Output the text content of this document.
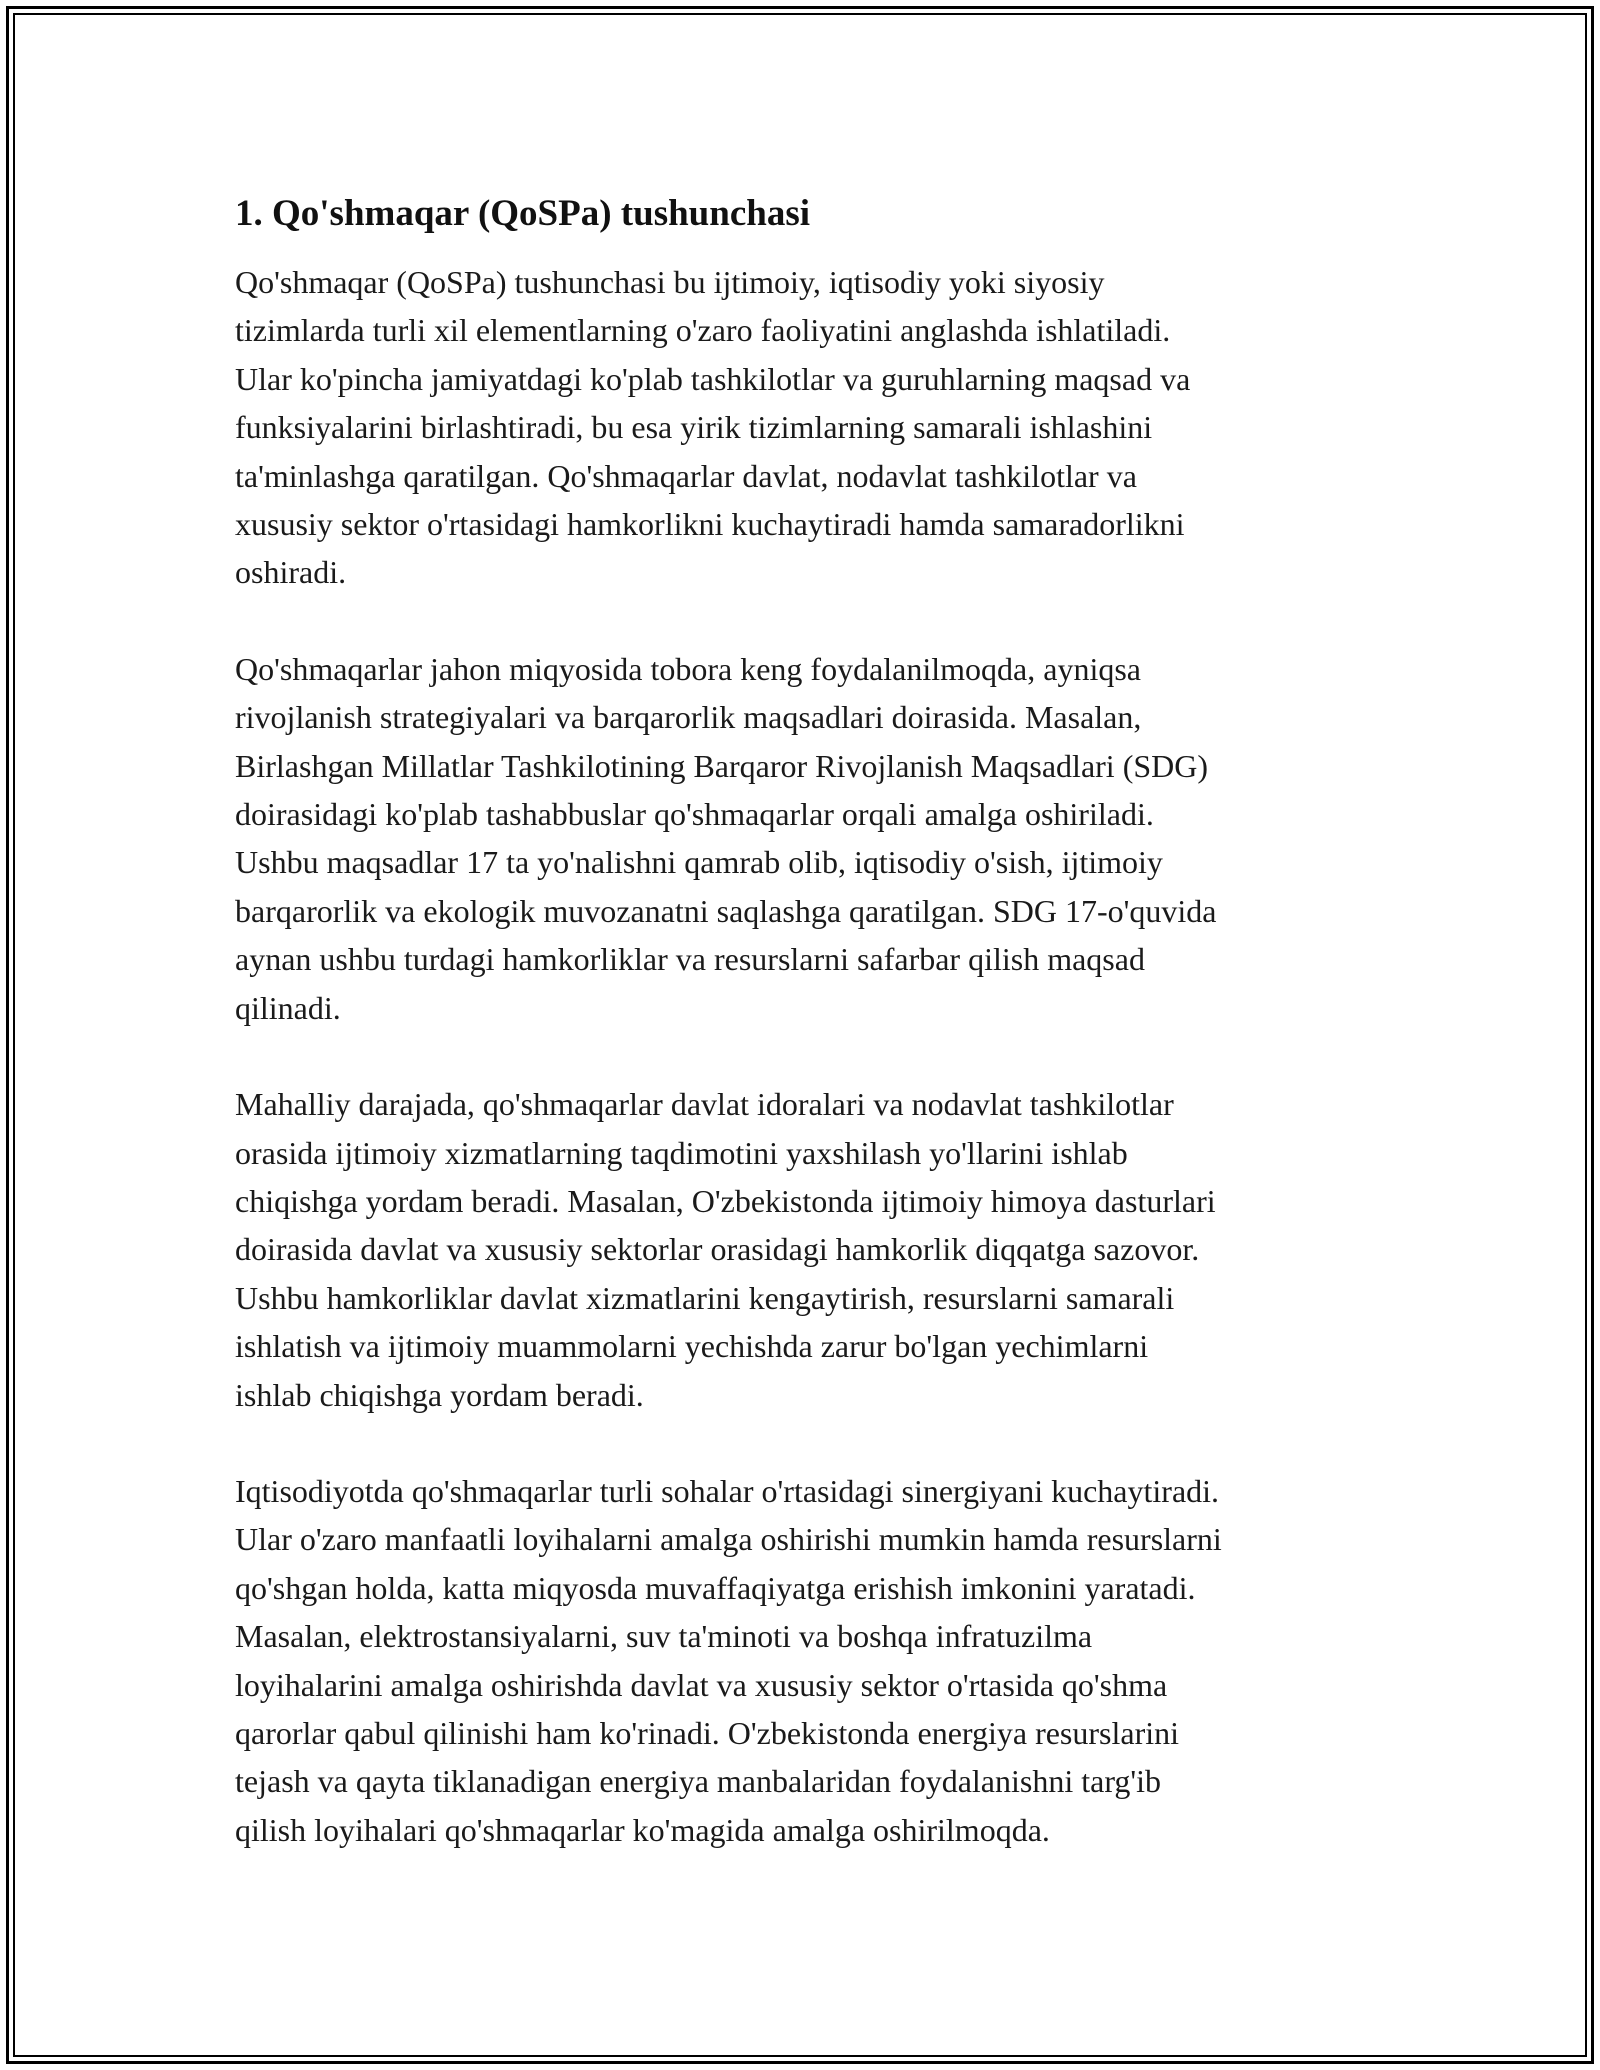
1. Qo'shmaqar (QoSPa) tushunchasi

Qo'shmaqar (QoSPa) tushunchasi bu ijtimoiy, iqtisodiy yoki siyosiy
tizimlarda turli xil elementlarning o'zaro faoliyatini anglashda ishlatiladi.
Ular ko'pincha jamiyatdagi ko'plab tashkilotlar va guruhlarning maqsad va
funksiyalarini birlashtiradi, bu esa yirik tizimlarning samarali ishlashini
ta'minlashga qaratilgan. Qo'shmaqarlar davlat, nodavlat tashkilotlar va
xususiy sektor o'rtasidagi hamkorlikni kuchaytiradi hamda samaradorlikni
oshiradi.

Qo'shmaqarlar jahon miqyosida tobora keng foydalanilmoqda, ayniqsa
rivojlanish strategiyalari va barqarorlik maqsadlari doirasida. Masalan,
Birlashgan Millatlar Tashkilotining Barqaror Rivojlanish Maqsadlari (SDG)
doirasidagi ko'plab tashabbuslar qo'shmaqarlar orqali amalga oshiriladi.
Ushbu maqsadlar 17 ta yo'nalishni qamrab olib, iqtisodiy o'sish, ijtimoiy
barqarorlik va ekologik muvozanatni saqlashga qaratilgan. SDG 17-o'quvida
aynan ushbu turdagi hamkorliklar va resurslarni safarbar qilish maqsad
qilinadi.

Mahalliy darajada, qo'shmaqarlar davlat idoralari va nodavlat tashkilotlar
orasida ijtimoiy xizmatlarning taqdimotini yaxshilash yo'llarini ishlab
chiqishga yordam beradi. Masalan, O'zbekistonda ijtimoiy himoya dasturlari
doirasida davlat va xususiy sektorlar orasidagi hamkorlik diqqatga sazovor.
Ushbu hamkorliklar davlat xizmatlarini kengaytirish, resurslarni samarali
ishlatish va ijtimoiy muammolarni yechishda zarur bo'lgan yechimlarni
ishlab chiqishga yordam beradi.

Iqtisodiyotda qo'shmaqarlar turli sohalar o'rtasidagi sinergiyani kuchaytiradi.
Ular o'zaro manfaatli loyihalarni amalga oshirishi mumkin hamda resurslarni
qo'shgan holda, katta miqyosda muvaffaqiyatga erishish imkonini yaratadi.
Masalan, elektrostansiyalarni, suv ta'minoti va boshqa infratuzilma
loyihalarini amalga oshirishda davlat va xususiy sektor o'rtasida qo'shma
qarorlar qabul qilinishi ham ko'rinadi. O'zbekistonda energiya resurslarini
tejash va qayta tiklanadigan energiya manbalaridan foydalanishni targ'ib
qilish loyihalari qo'shmaqarlar ko'magida amalga oshirilmoqda.
